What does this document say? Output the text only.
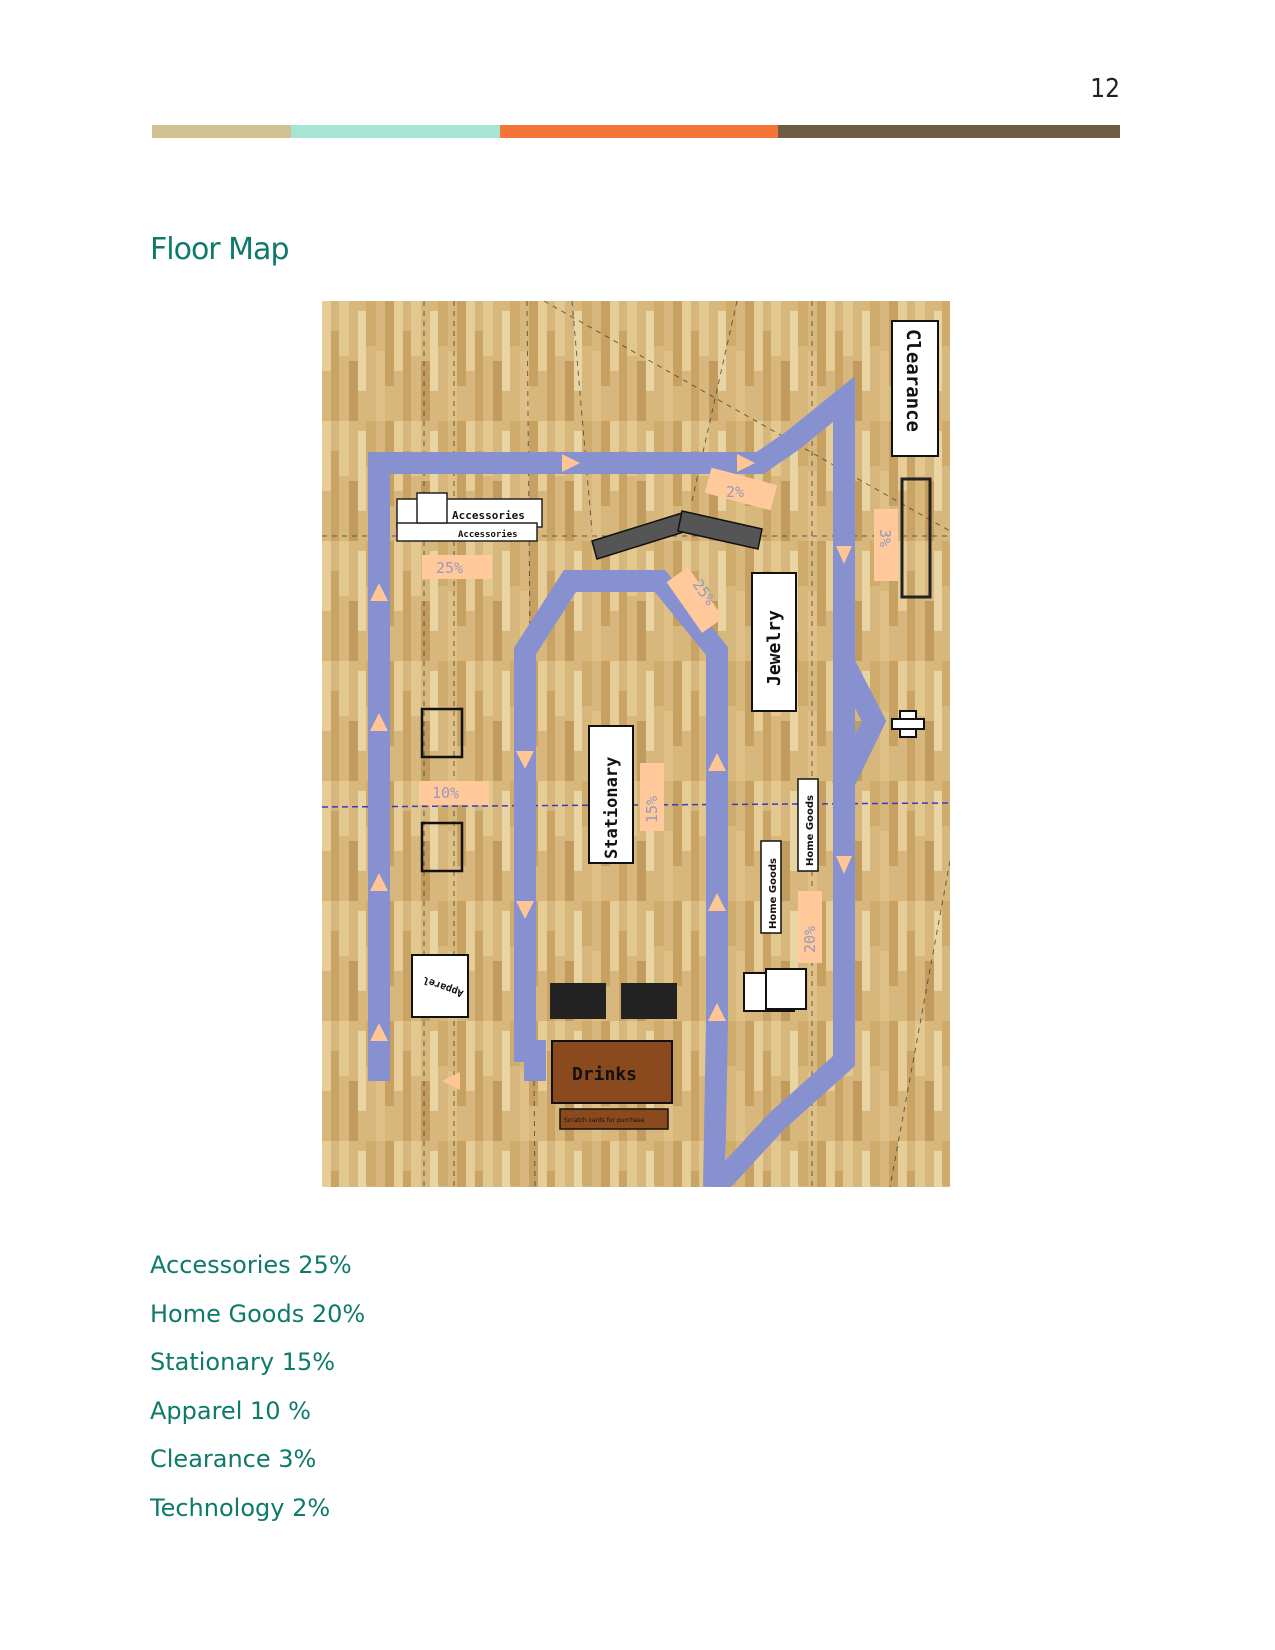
12
Floor Map
Clearance
Accessories
Accessories
Jewelry
Stationary
Apparel
Home Goods
Home Goods
Drinks
Scratch cards for purchase
25%
2%
3%
25%
10%
15%
20%
Accessories 25%
Home Goods 20%
Stationary 15%
Apparel 10 %
Clearance 3%
Technology 2%
